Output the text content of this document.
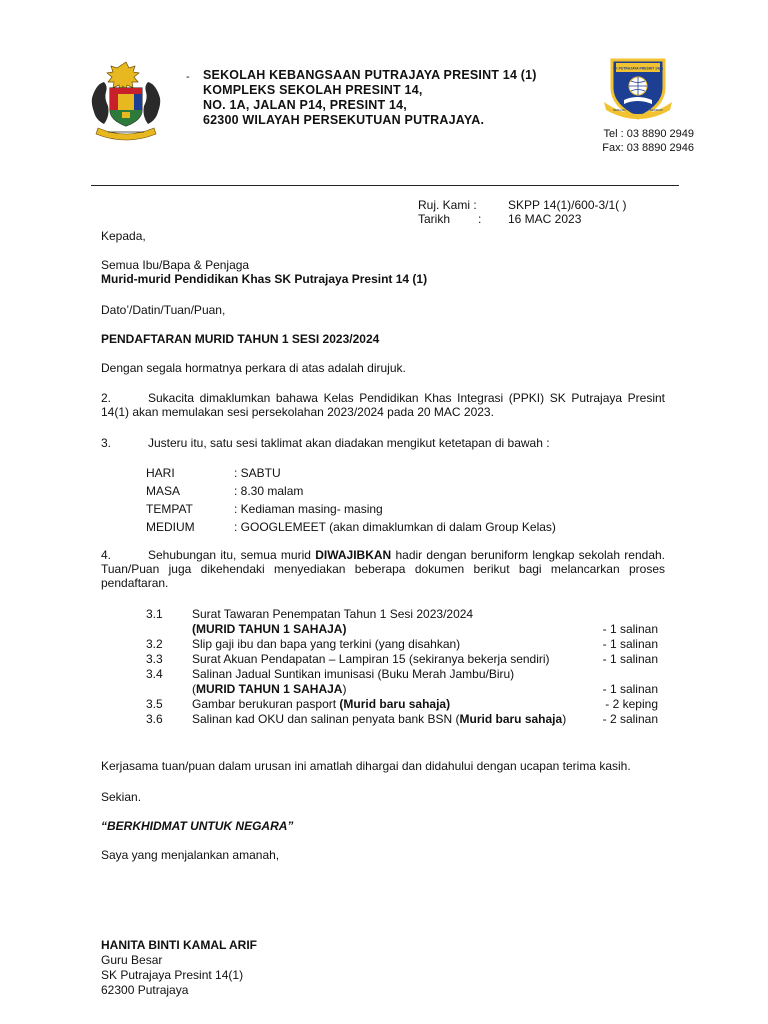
- SEKOLAH KEBANGSAAN PUTRAJAYA PRESINT 14 (1)
KOMPLEKS SEKOLAH PRESINT 14,
NO. 1A, JALAN P14, PRESINT 14,
62300 WILAYAH PERSEKUTUAN PUTRAJAYA.
SK PUTRAJAYA PRESINT 14(1)
BERILMU · BERAKHLAK · BERBUDI
Tel : 03 8890 2949
Fax: 03 8890 2946
Ruj. Kami :	SKPP 14(1)/600-3/1( )
Tarikh	:	16 MAC 2023
Kepada,
Semua Ibu/Bapa & Penjaga
Murid-murid Pendidikan Khas SK Putrajaya Presint 14 (1)
Dato’/Datin/Tuan/Puan,
PENDAFTARAN MURID TAHUN 1 SESI 2023/2024
Dengan segala hormatnya perkara di atas adalah dirujuk.
2.	Sukacita dimaklumkan bahawa Kelas Pendidikan Khas Integrasi (PPKI) SK Putrajaya Presint 14(1) akan memulakan sesi persekolahan 2023/2024 pada 20 MAC 2023.
3.	Justeru itu, satu sesi taklimat akan diadakan mengikut ketetapan di bawah :
HARI	: SABTU
MASA	: 8.30 malam
TEMPAT	: Kediaman masing- masing
MEDIUM	: GOOGLEMEET (akan dimaklumkan di dalam Group Kelas)
4.	Sehubungan itu, semua murid DIWAJIBKAN hadir dengan beruniform lengkap sekolah rendah. Tuan/Puan juga dikehendaki menyediakan beberapa dokumen berikut bagi melancarkan proses pendaftaran.
3.1 Surat Tawaran Penempatan Tahun 1 Sesi 2023/2024
(MURID TAHUN 1 SAHAJA)	- 1 salinan
3.2 Slip gaji ibu dan bapa yang terkini (yang disahkan)	- 1 salinan
3.3 Surat Akuan Pendapatan – Lampiran 15 (sekiranya bekerja sendiri)	- 1 salinan
3.4 Salinan Jadual Suntikan imunisasi (Buku Merah Jambu/Biru)
(MURID TAHUN 1 SAHAJA)	- 1 salinan
3.5 Gambar berukuran pasport (Murid baru sahaja)	- 2 keping
3.6 Salinan kad OKU dan salinan penyata bank BSN (Murid baru sahaja)	- 2 salinan
Kerjasama tuan/puan dalam urusan ini amatlah dihargai dan didahului dengan ucapan terima kasih.
Sekian.
“BERKHIDMAT UNTUK NEGARA”
Saya yang menjalankan amanah,
HANITA BINTI KAMAL ARIF
Guru Besar
SK Putrajaya Presint 14(1)
62300 Putrajaya
